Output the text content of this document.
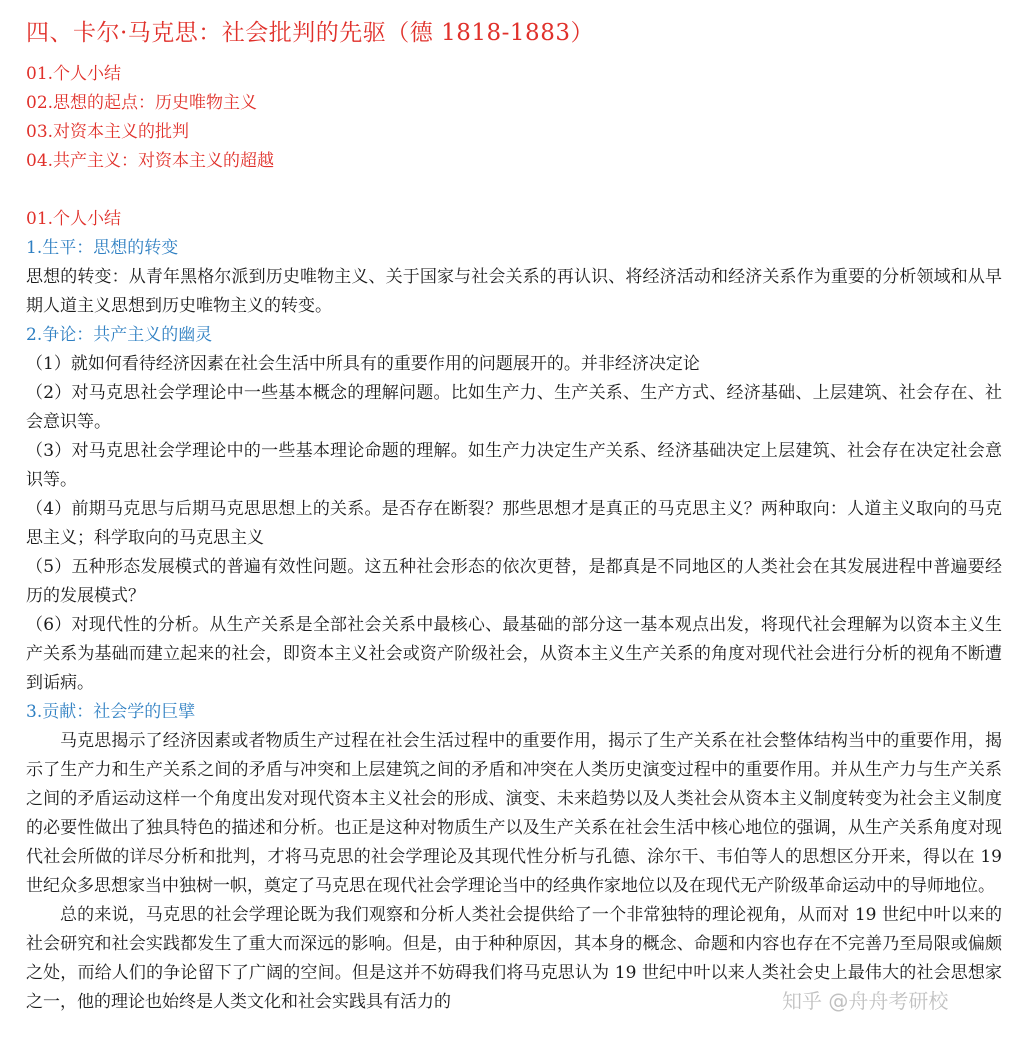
四、卡尔·马克思：社会批判的先驱（德 1818-1883）
01.个人小结
02.思想的起点：历史唯物主义
03.对资本主义的批判
04.共产主义：对资本主义的超越
01.个人小结
1.生平：思想的转变

思想的转变：从青年黑格尔派到历史唯物主义、关于国家与社会关系的再认识、将经济活动和经济关系作为重要的分析领域和从早期人道主义思想到历史唯物主义的转变。

2.争论：共产主义的幽灵

（1）就如何看待经济因素在社会生活中所具有的重要作用的问题展开的。并非经济决定论

（2）对马克思社会学理论中一些基本概念的理解问题。比如生产力、生产关系、生产方式、经济基础、上层建筑、社会存在、社会意识等。

（3）对马克思社会学理论中的一些基本理论命题的理解。如生产力决定生产关系、经济基础决定上层建筑、社会存在决定社会意识等。

（4）前期马克思与后期马克思思想上的关系。是否存在断裂？那些思想才是真正的马克思主义？两种取向：人道主义取向的马克思主义；科学取向的马克思主义

（5）五种形态发展模式的普遍有效性问题。这五种社会形态的依次更替，是都真是不同地区的人类社会在其发展进程中普遍要经历的发展模式？

（6）对现代性的分析。从生产关系是全部社会关系中最核心、最基础的部分这一基本观点出发，将现代社会理解为以资本主义生产关系为基础而建立起来的社会，即资本主义社会或资产阶级社会，从资本主义生产关系的角度对现代社会进行分析的视角不断遭到诟病。

3.贡献：社会学的巨擘

马克思揭示了经济因素或者物质生产过程在社会生活过程中的重要作用，揭示了生产关系在社会整体结构当中的重要作用，揭示了生产力和生产关系之间的矛盾与冲突和上层建筑之间的矛盾和冲突在人类历史演变过程中的重要作用。并从生产力与生产关系之间的矛盾运动这样一个角度出发对现代资本主义社会的形成、演变、未来趋势以及人类社会从资本主义制度转变为社会主义制度的必要性做出了独具特色的描述和分析。也正是这种对物质生产以及生产关系在社会生活中核心地位的强调，从生产关系角度对现代社会所做的详尽分析和批判，才将马克思的社会学理论及其现代性分析与孔德、涂尔干、韦伯等人的思想区分开来，得以在 19 世纪众多思想家当中独树一帜，奠定了马克思在现代社会学理论当中的经典作家地位以及在现代无产阶级革命运动中的导师地位。

总的来说，马克思的社会学理论既为我们观察和分析人类社会提供给了一个非常独特的理论视角，从而对 19 世纪中叶以来的社会研究和社会实践都发生了重大而深远的影响。但是，由于种种原因，其本身的概念、命题和内容也存在不完善乃至局限或偏颇之处，而给人们的争论留下了广阔的空间。但是这并不妨碍我们将马克思认为 19 世纪中叶以来人类社会史上最伟大的社会思想家之一，他的理论也始终是人类文化和社会实践具有活力的	知乎 @舟舟考研校
